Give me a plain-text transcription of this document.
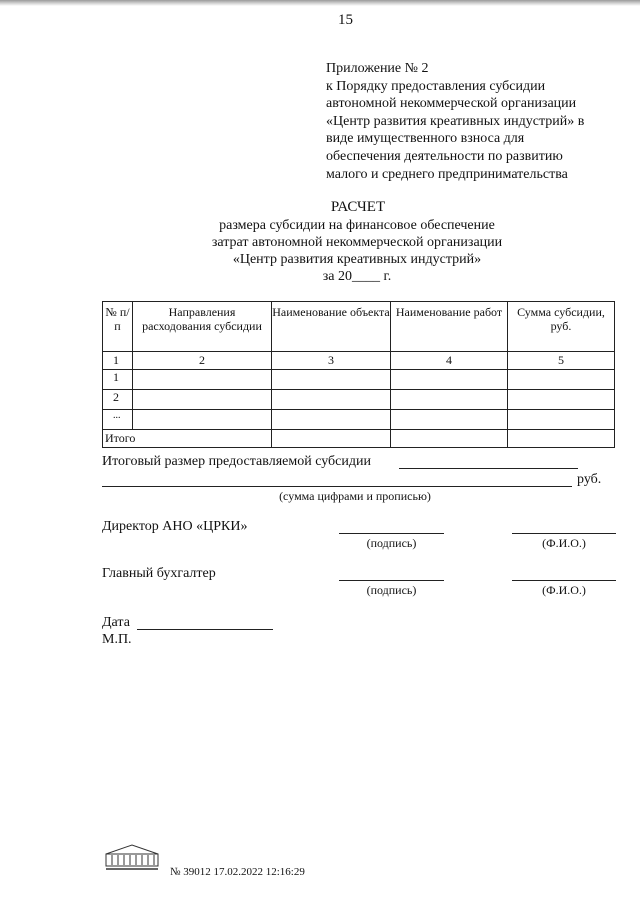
15
Приложение № 2
к Порядку предоставления субсидии
автономной некоммерческой организации
«Центр развития креативных индустрий» в
виде имущественного взноса для
обеспечения деятельности по развитию
малого и среднего предпринимательства
РАСЧЕТ
размера субсидии на финансовое обеспечение
затрат автономной некоммерческой организации
«Центр развития креативных индустрий»
за 20____ г.
№ п/п	Направления расходования субсидии	Наименование объекта	Наименование работ	Сумма субсидии, руб.
1	2	3	4	5
1				
2				
...				
Итого				
Итоговый размер предоставляемой субсидии
руб.
(сумма цифрами и прописью)
Директор АНО «ЦРКИ»
(подпись)	(Ф.И.О.)
Главный бухгалтер
(подпись)	(Ф.И.О.)
Дата
М.П.
№ 39012 17.02.2022 12:16:29
